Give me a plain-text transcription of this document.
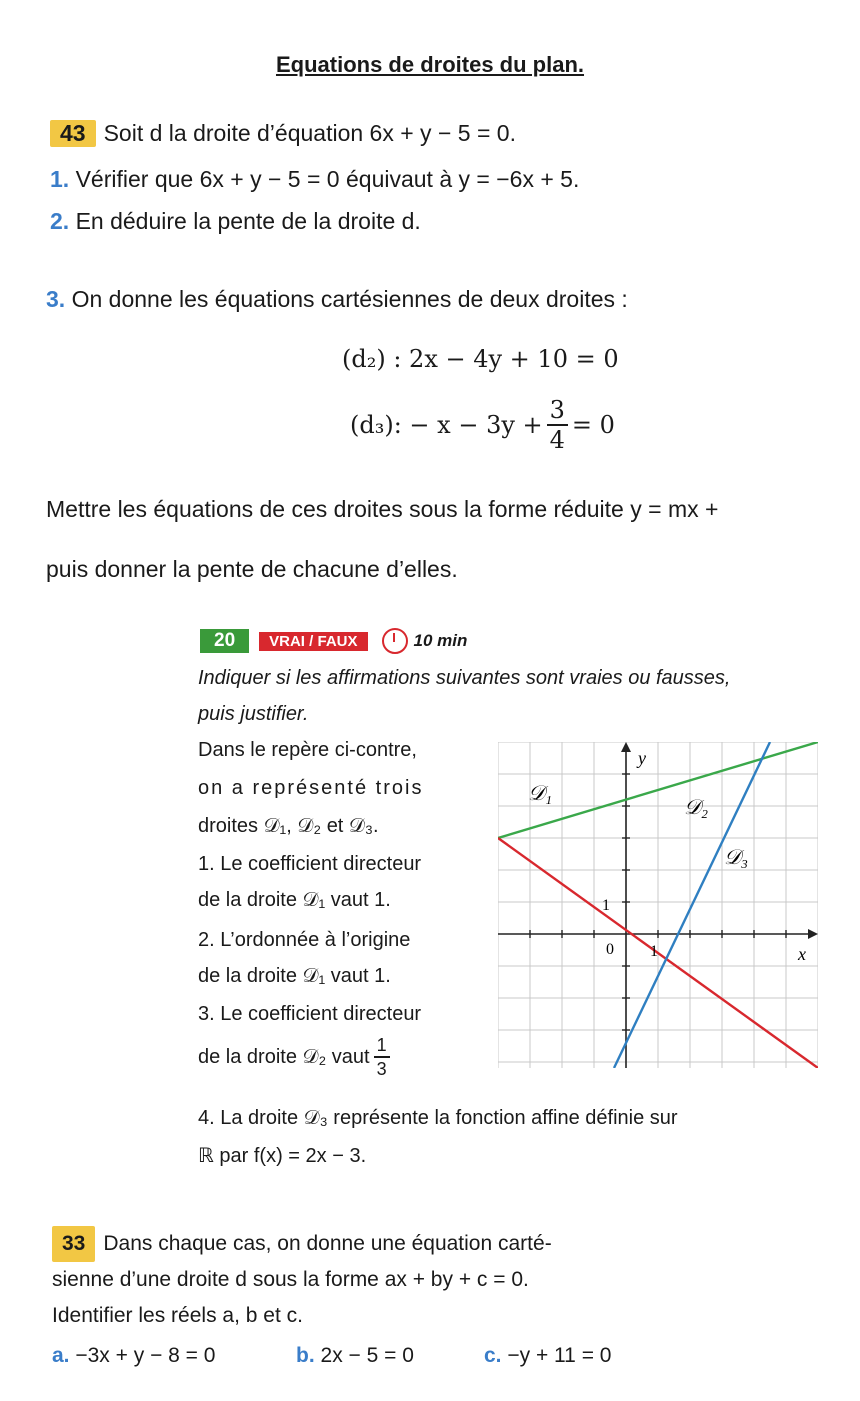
Equations de droites du plan.
43 Soit d la droite d’équation 6x + y − 5 = 0.
1. Vérifier que 6x + y − 5 = 0 équivaut à y = −6x + 5.
2. En déduire la pente de la droite d.
3. On donne les équations cartésiennes de deux droites :
(d₂) : 2x − 4y + 10 = 0
(d₃): − $x - 3y + \frac{3}{4} = 0$
Mettre les équations de ces droites sous la forme réduite y = mx +
puis donner la pente de chacune d’elles.
20	VRAI / FAUX	10 min
Indiquer si les affirmations suivantes sont vraies ou fausses,
puis justifier.
Dans le repère ci-contre,
on a représenté trois
droites 𝒟₁, 𝒟₂ et 𝒟₃.
1. Le coefficient directeur
de la droite 𝒟₁ vaut 1.
2. L’ordonnée à l’origine
de la droite 𝒟₁ vaut 1.
3. Le coefficient directeur
de la droite 𝒟₂ vaut $\frac{1}{3}$
4. La droite 𝒟₃ représente la fonction affine définie sur
ℝ par f(x) = 2x − 3.
𝒟₁
𝒟₂
𝒟₃
y
x
0 1
1
33 Dans chaque cas, on donne une équation carté-
sienne d’une droite d sous la forme ax + by + c = 0.
Identifier les réels a, b et c.
a. −3x + y − 8 = 0	b. 2x − 5 = 0	c. −y + 11 = 0
